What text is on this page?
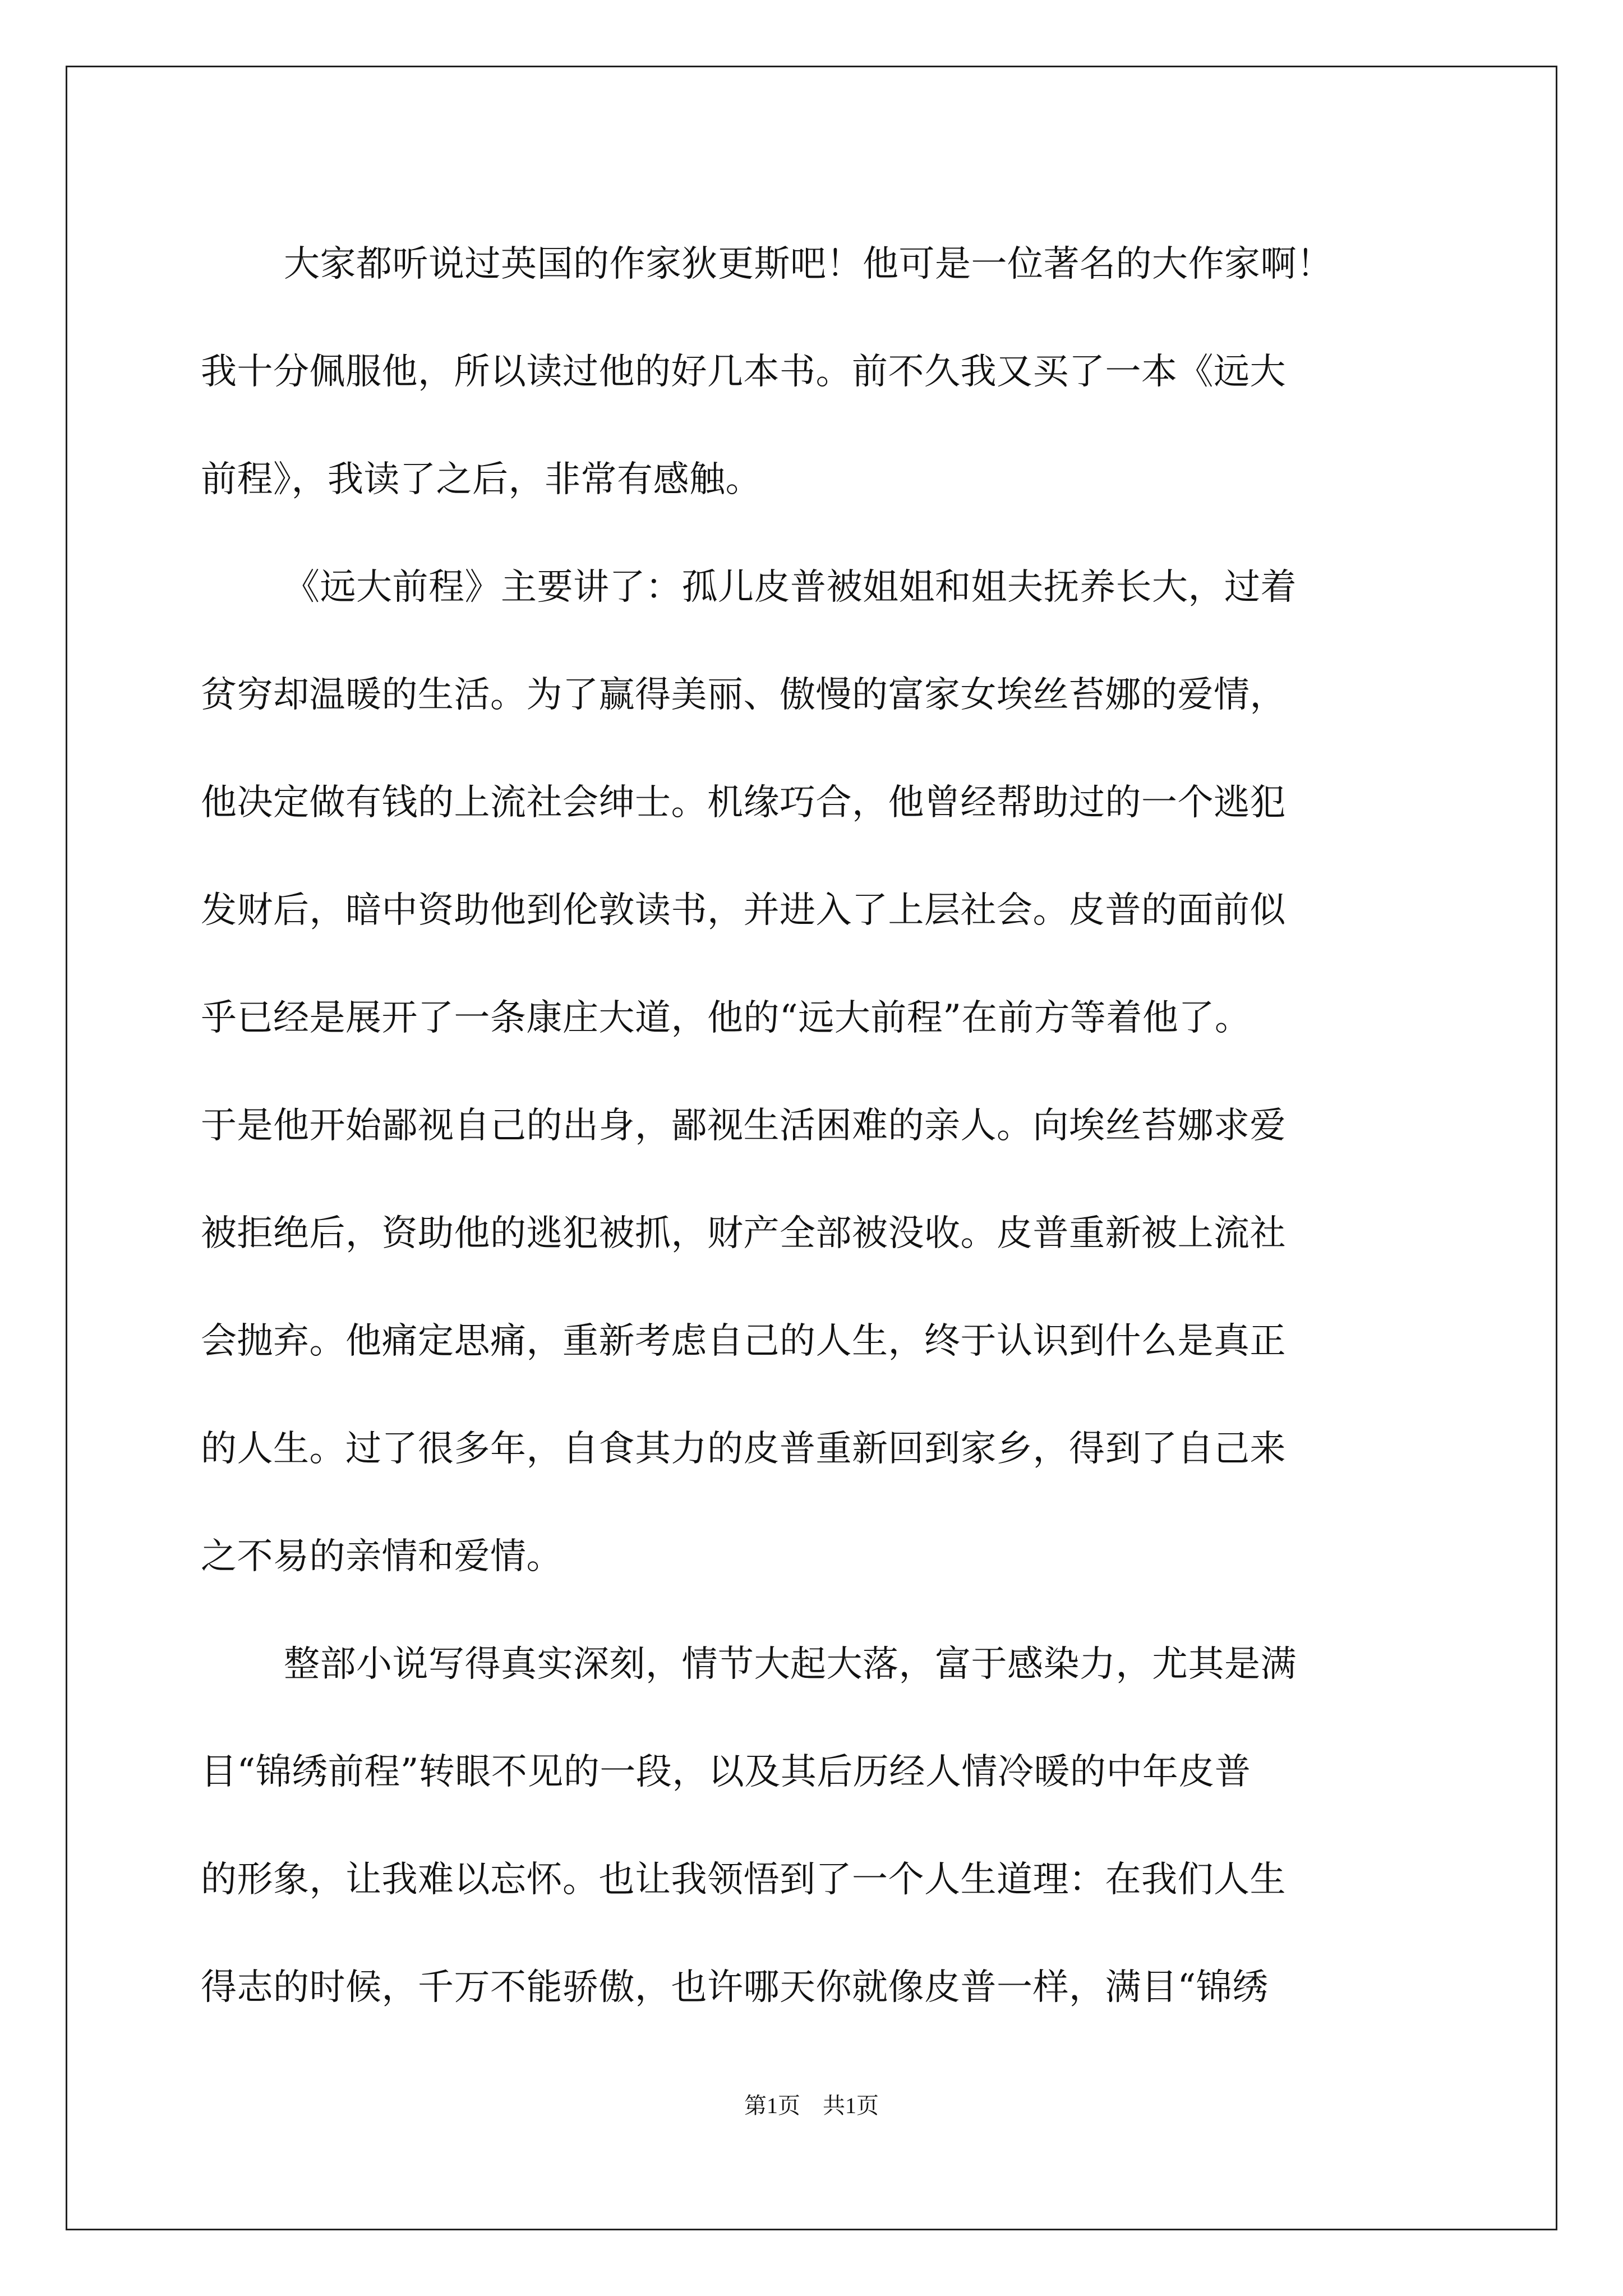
大家都听说过英国的作家狄更斯吧！他可是一位著名的大作家啊！
我十分佩服他，所以读过他的好几本书。前不久我又买了一本《远大
前程》，我读了之后，非常有感触。
《远大前程》主要讲了：孤儿皮普被姐姐和姐夫抚养长大，过着
贫穷却温暖的生活。为了赢得美丽、傲慢的富家女埃丝苔娜的爱情，
他决定做有钱的上流社会绅士。机缘巧合，他曾经帮助过的一个逃犯
发财后，暗中资助他到伦敦读书，并进入了上层社会。皮普的面前似
乎已经是展开了一条康庄大道，他的“远大前程”在前方等着他了。
于是他开始鄙视自己的出身，鄙视生活困难的亲人。向埃丝苔娜求爱
被拒绝后，资助他的逃犯被抓，财产全部被没收。皮普重新被上流社
会抛弃。他痛定思痛，重新考虑自己的人生，终于认识到什么是真正
的人生。过了很多年，自食其力的皮普重新回到家乡，得到了自己来
之不易的亲情和爱情。
整部小说写得真实深刻，情节大起大落，富于感染力，尤其是满
目“锦绣前程”转眼不见的一段，以及其后历经人情冷暖的中年皮普
的形象，让我难以忘怀。也让我领悟到了一个人生道理：在我们人生
得志的时候，千万不能骄傲，也许哪天你就像皮普一样，满目“锦绣
第1页 共1页
